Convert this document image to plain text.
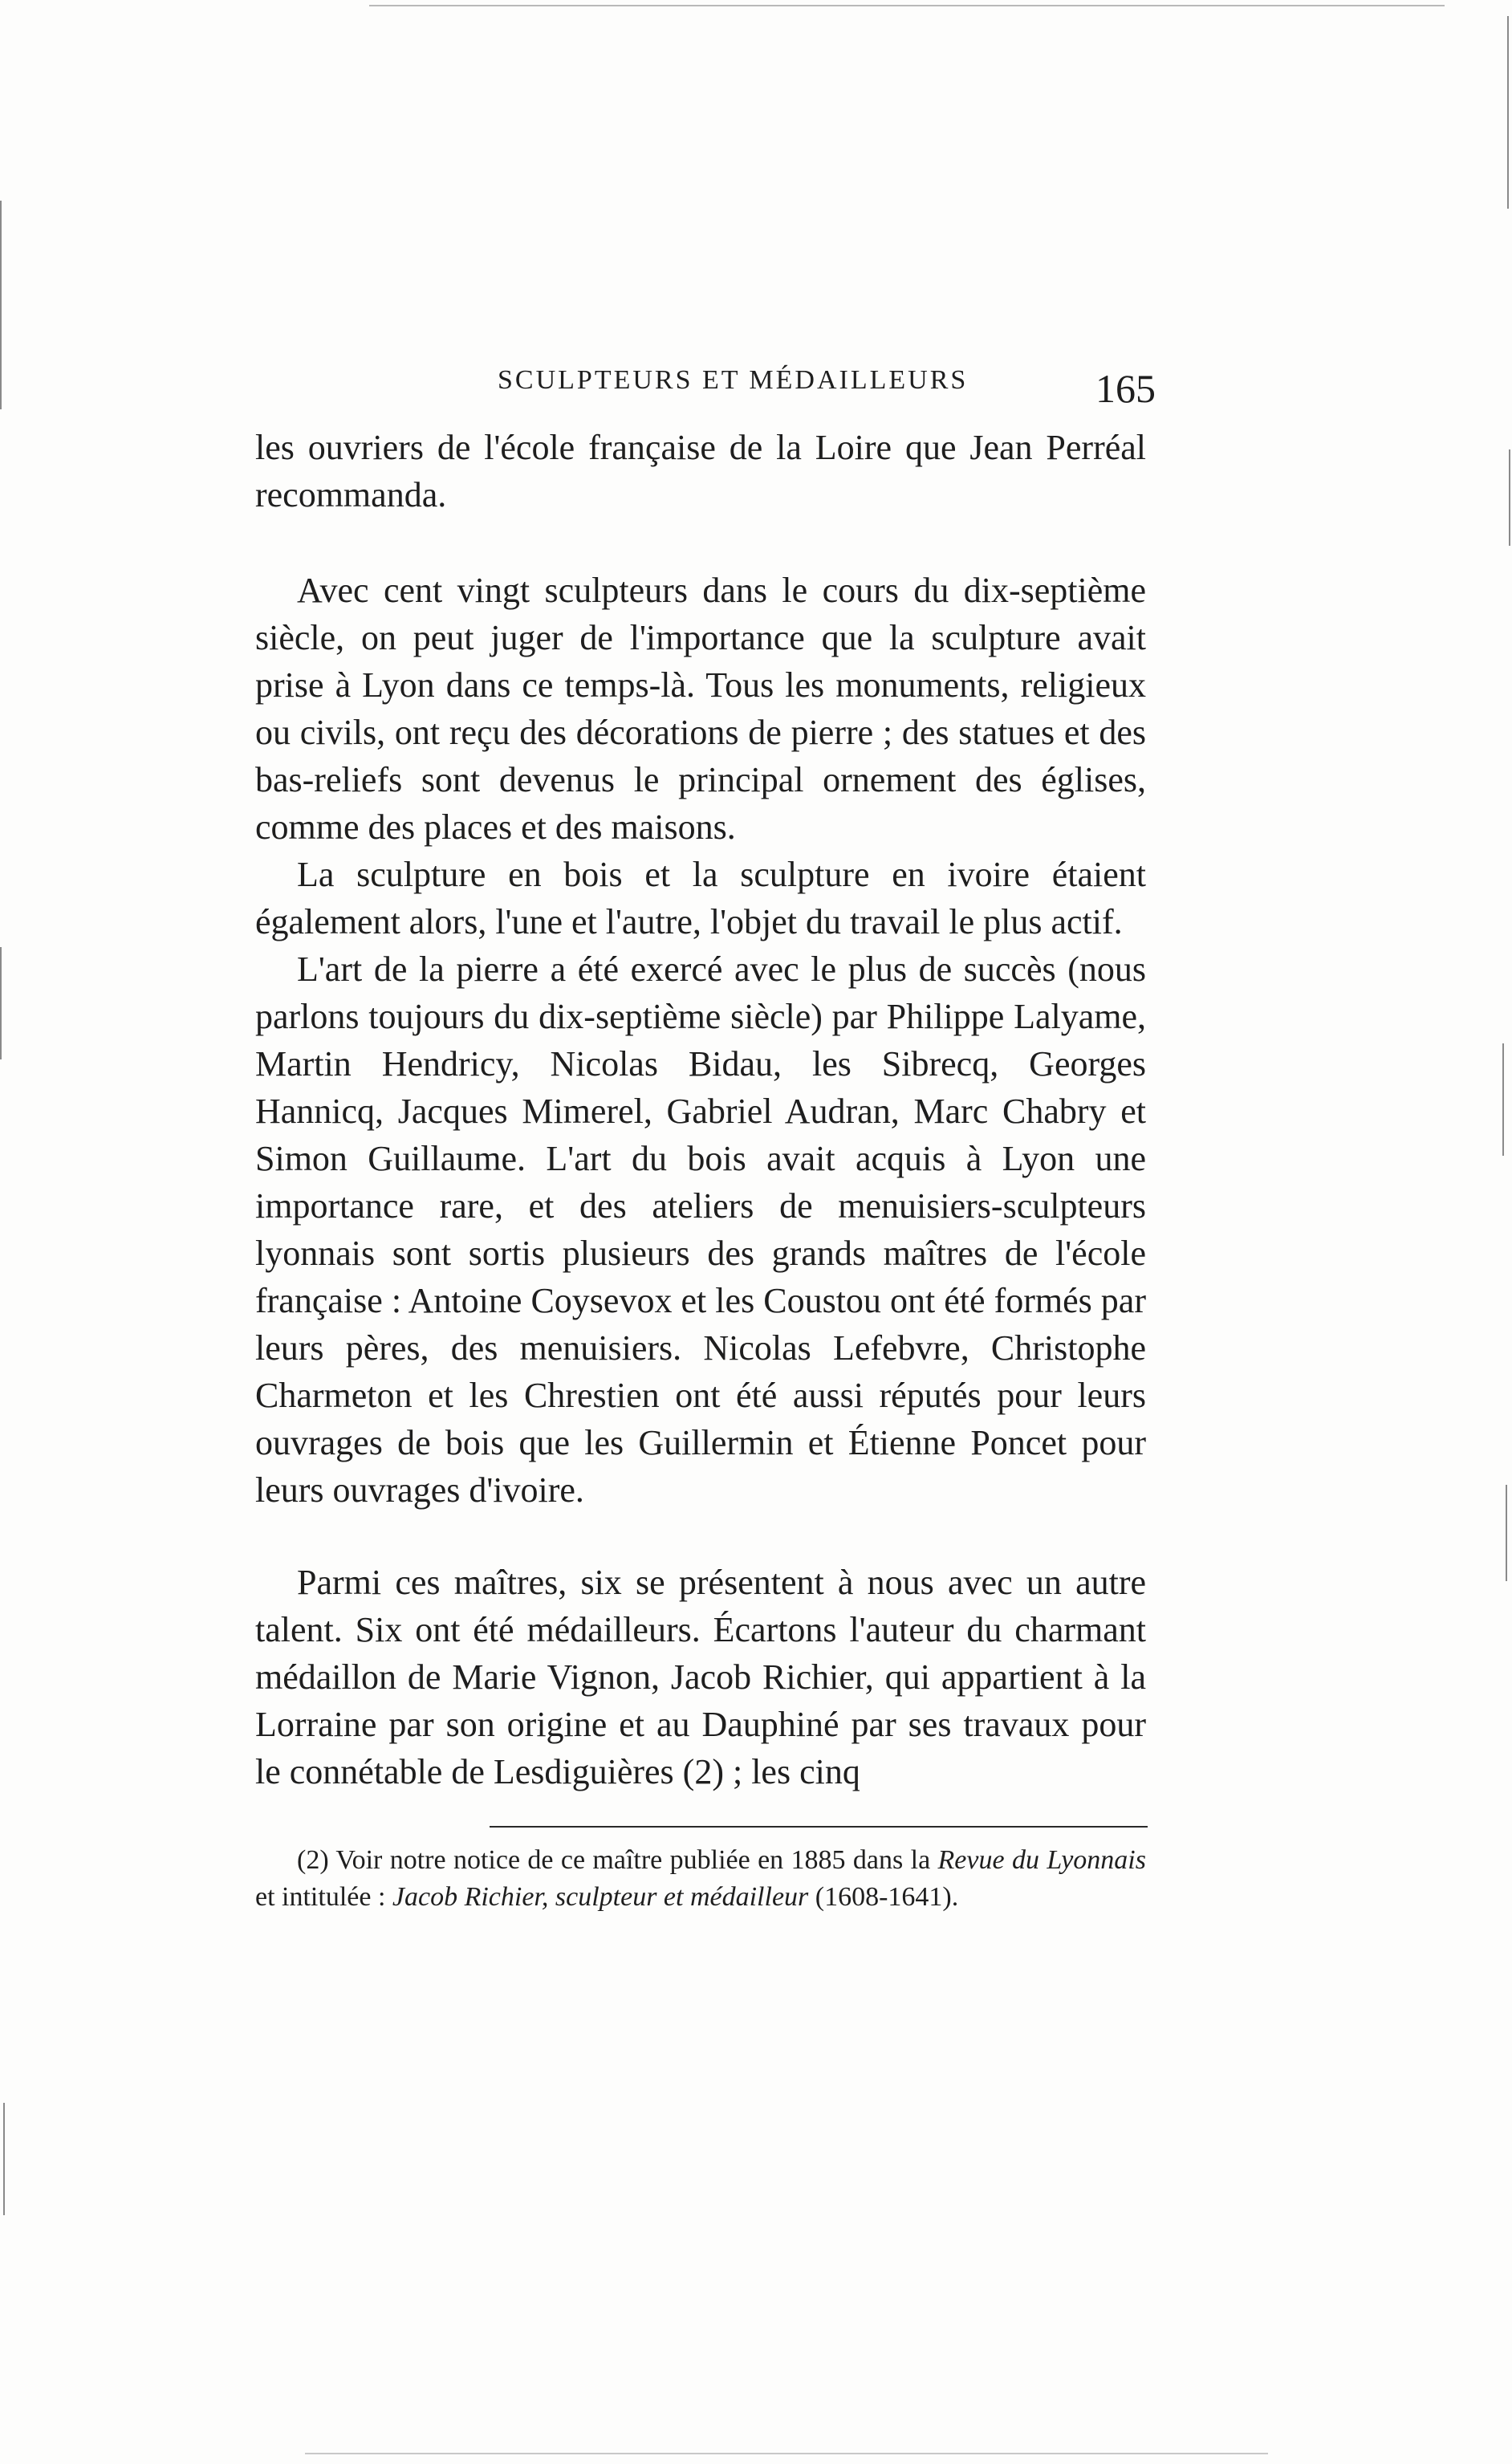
SCULPTEURS ET MÉDAILLEURS	165

les ouvriers de l'école française de la Loire que Jean Perréal recommanda.

Avec cent vingt sculpteurs dans le cours du dix-septième siècle, on peut juger de l'importance que la sculpture avait prise à Lyon dans ce temps-là. Tous les monuments, religieux ou civils, ont reçu des décorations de pierre ; des statues et des bas-reliefs sont devenus le principal ornement des églises, comme des places et des maisons.

La sculpture en bois et la sculpture en ivoire étaient également alors, l'une et l'autre, l'objet du travail le plus actif.

L'art de la pierre a été exercé avec le plus de succès (nous parlons toujours du dix-septième siècle) par Philippe Lalyame, Martin Hendricy, Nicolas Bidau, les Sibrecq, Georges Hannicq, Jacques Mimerel, Gabriel Audran, Marc Chabry et Simon Guillaume. L'art du bois avait acquis à Lyon une importance rare, et des ateliers de menuisiers-sculpteurs lyonnais sont sortis plusieurs des grands maîtres de l'école française : Antoine Coysevox et les Coustou ont été formés par leurs pères, des menuisiers. Nicolas Lefebvre, Christophe Charmeton et les Chrestien ont été aussi réputés pour leurs ouvrages de bois que les Guillermin et Étienne Poncet pour leurs ouvrages d'ivoire.

Parmi ces maîtres, six se présentent à nous avec un autre talent. Six ont été médailleurs. Écartons l'auteur du charmant médaillon de Marie Vignon, Jacob Richier, qui appartient à la Lorraine par son origine et au Dauphiné par ses travaux pour le connétable de Lesdiguières (2) ; les cinq

(2) Voir notre notice de ce maître publiée en 1885 dans la Revue du Lyonnais et intitulée : Jacob Richier, sculpteur et médailleur (1608-1641).
